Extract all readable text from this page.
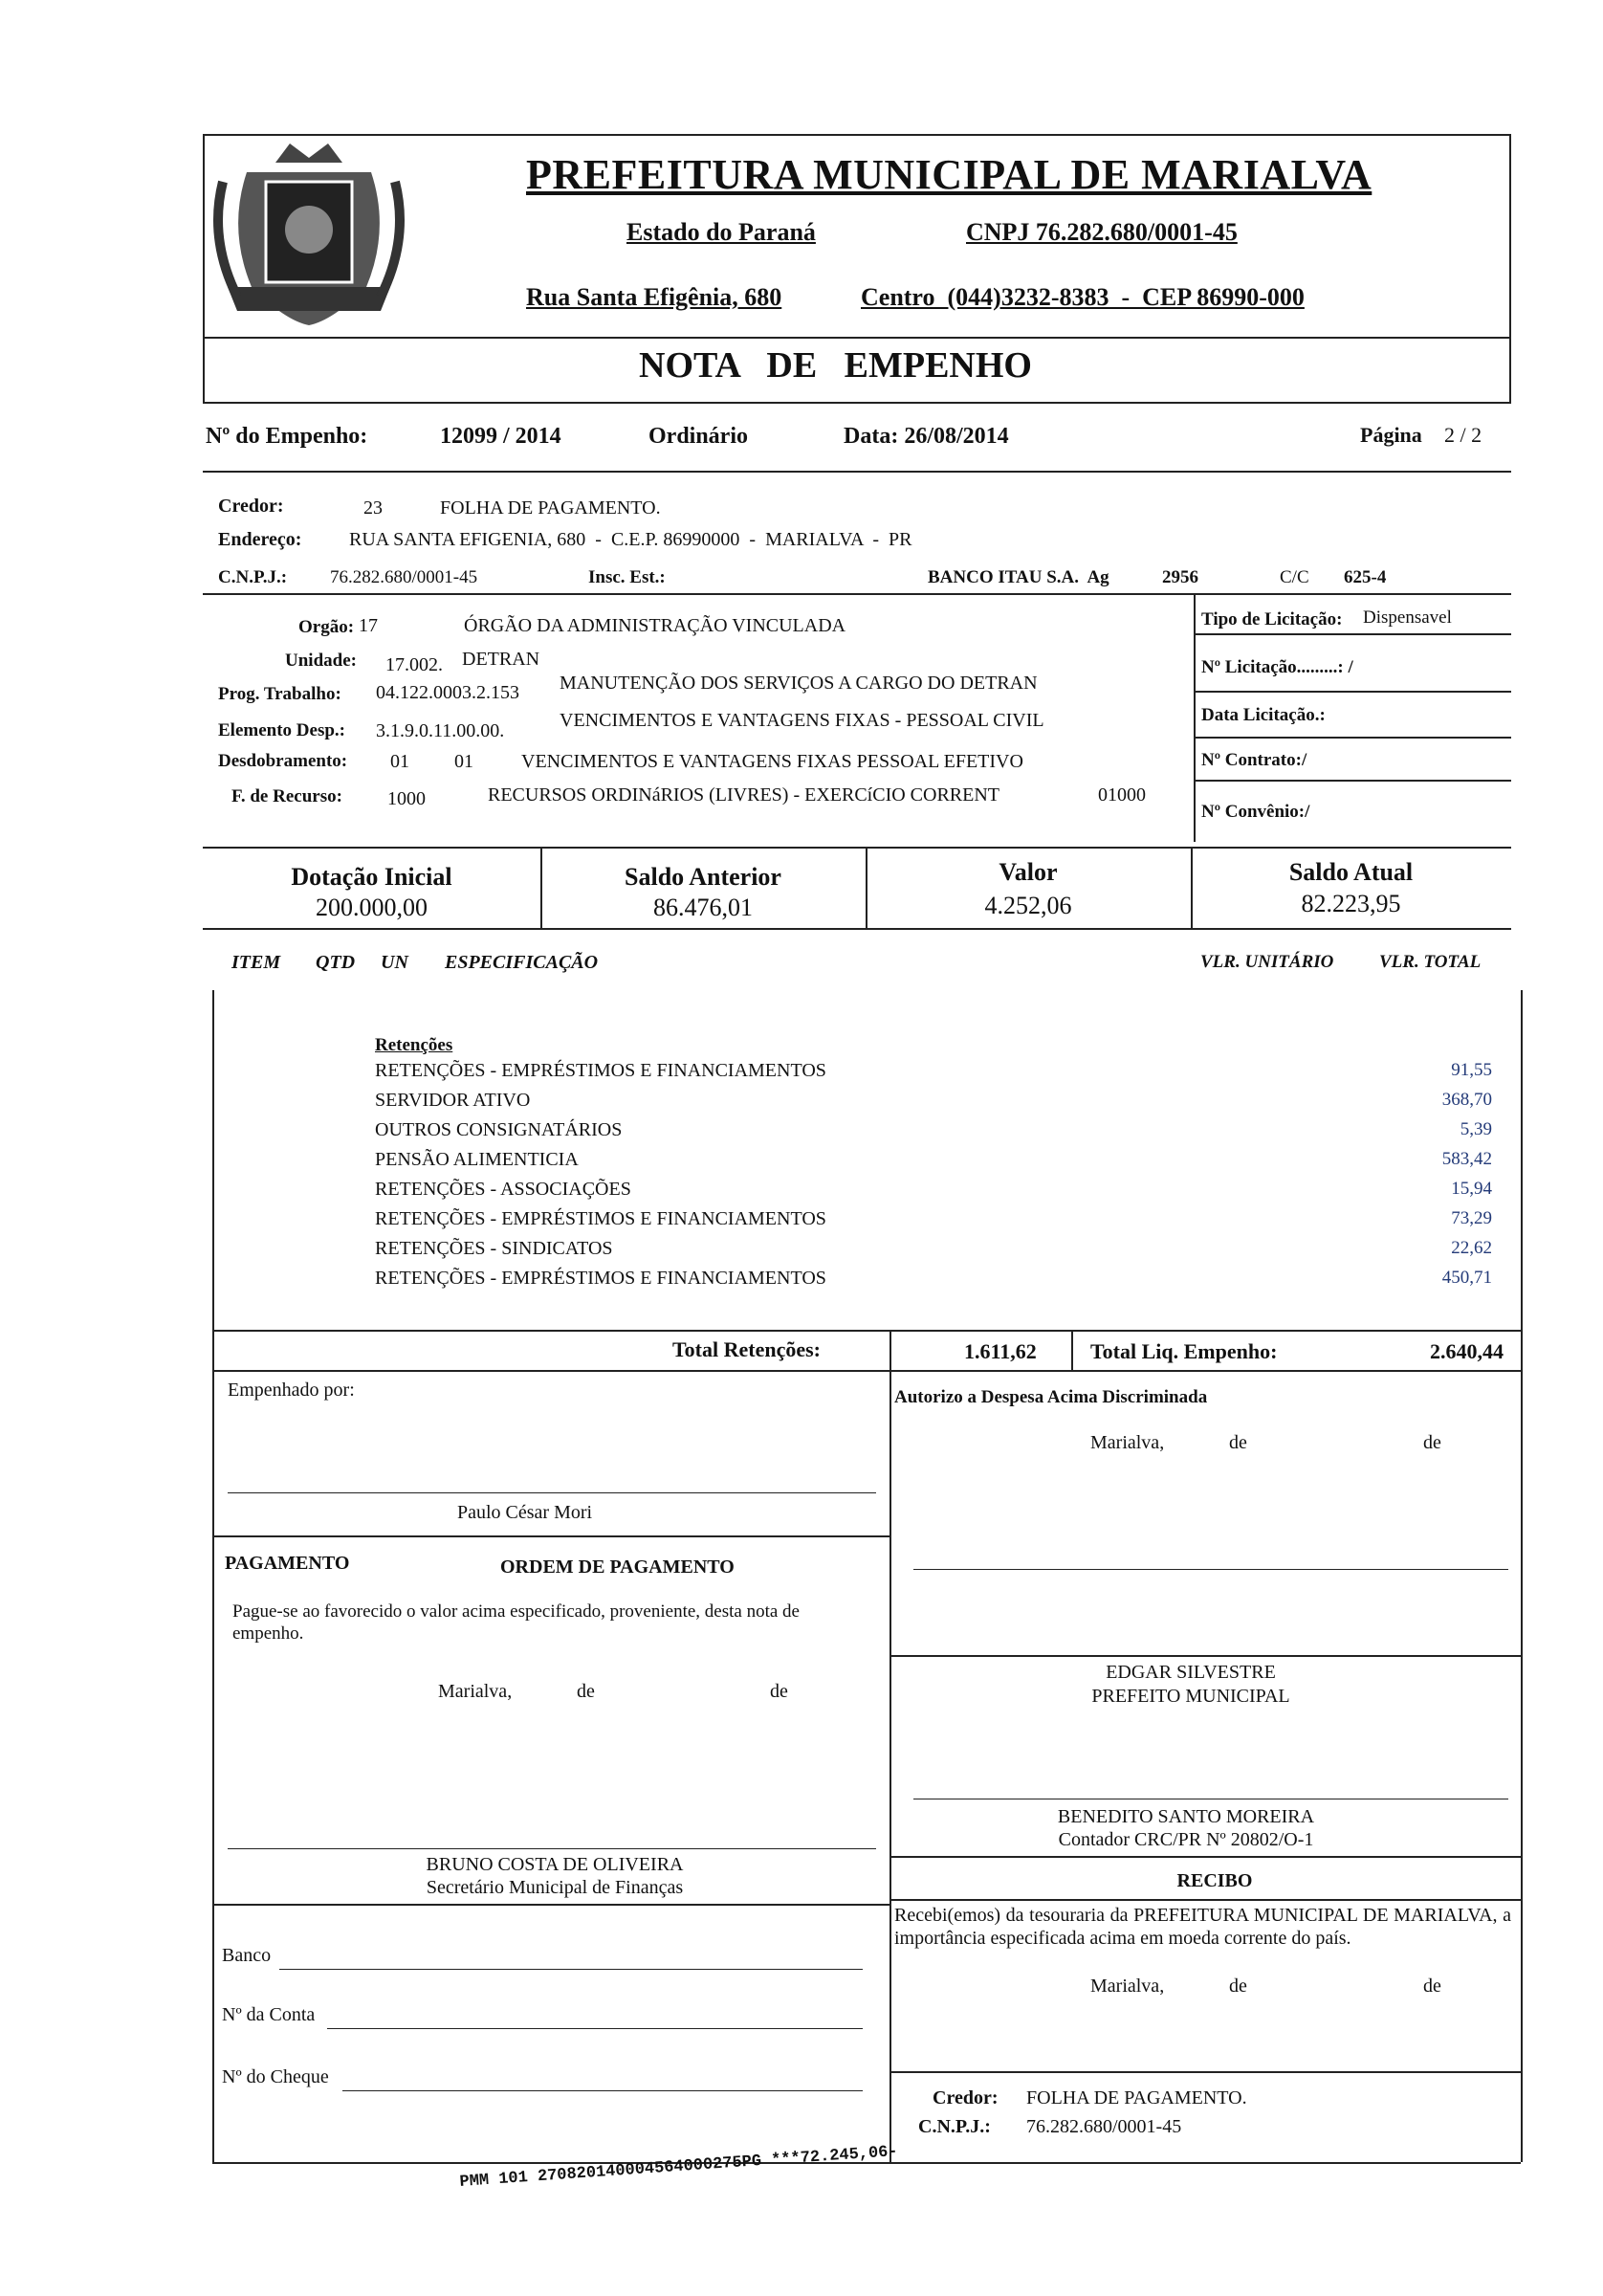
PREFEITURA MUNICIPAL DE MARIALVA
Estado do Paraná	CNPJ 76.282.680/0001-45
Rua Santa Efigênia, 680	Centro  (044)3232-8383  -  CEP 86990-000
NOTA   DE   EMPENHO
Nº do Empenho:	12099 / 2014	Ordinário	Data: 26/08/2014	Página 2 / 2
Credor:	23	FOLHA DE PAGAMENTO.
Endereço: RUA SANTA EFIGENIA, 680  -  C.E.P. 86990000  -  MARIALVA  -  PR
C.N.P.J.: 76.282.680/0001-45	Insc. Est.:	BANCO ITAU S.A.  Ag	2956	C/C 625-4
Orgão: 17	ÓRGÃO DA ADMINISTRAÇÃO VINCULADA
Unidade: 17.002. DETRAN
Prog. Trabalho: 04.122.0003.2.153 MANUTENÇÃO DOS SERVIÇOS A CARGO DO DETRAN
Elemento Desp.: 3.1.9.0.11.00.00.	VENCIMENTOS E VANTAGENS FIXAS - PESSOAL CIVIL
Desdobramento: 01 01	VENCIMENTOS E VANTAGENS FIXAS PESSOAL EFETIVO
F. de Recurso: 1000	RECURSOS ORDINáRIOS (LIVRES) - EXERCíCIO CORRENT	01000
Tipo de Licitação: Dispensavel
Nº Licitação.........: /
Data Licitação.:
Nº Contrato:/
Nº Convênio:/
Dotação Inicial
200.000,00
Saldo Anterior
86.476,01
Valor
4.252,06
Saldo Atual
82.223,95
ITEM QTD UN ESPECIFICAÇÃO	VLR. UNITÁRIO	VLR. TOTAL
Retenções
RETENÇÕES - EMPRÉSTIMOS E FINANCIAMENTOS	91,55
SERVIDOR ATIVO	368,70
OUTROS CONSIGNATÁRIOS	5,39
PENSÃO ALIMENTICIA	583,42
RETENÇÕES - ASSOCIAÇÕES	15,94
RETENÇÕES - EMPRÉSTIMOS E FINANCIAMENTOS	73,29
RETENÇÕES - SINDICATOS	22,62
RETENÇÕES - EMPRÉSTIMOS E FINANCIAMENTOS	450,71
Total Retenções:	1.611,62	Total Liq. Empenho:	2.640,44
Empenhado por:	Autorizo a Despesa Acima Discriminada
Marialva,	de	de
Paulo César Mori
PAGAMENTO	ORDEM DE PAGAMENTO
Pague-se ao favorecido o valor acima especificado, proveniente, desta nota de empenho.
Marialva,	de	de
EDGAR SILVESTRE
PREFEITO MUNICIPAL
BENEDITO SANTO MOREIRA
Contador CRC/PR Nº 20802/O-1
BRUNO COSTA DE OLIVEIRA
Secretário Municipal de Finanças	RECIBO
Recebi(emos) da tesouraria da PREFEITURA MUNICIPAL DE MARIALVA, a importância especificada acima em moeda corrente do país.
Marialva,	de	de
Banco
Nº da Conta
Nº do Cheque
Credor: FOLHA DE PAGAMENTO.
C.N.P.J.: 76.282.680/0001-45
PMM 101 270820140004564000275PG ***72.245,06-
